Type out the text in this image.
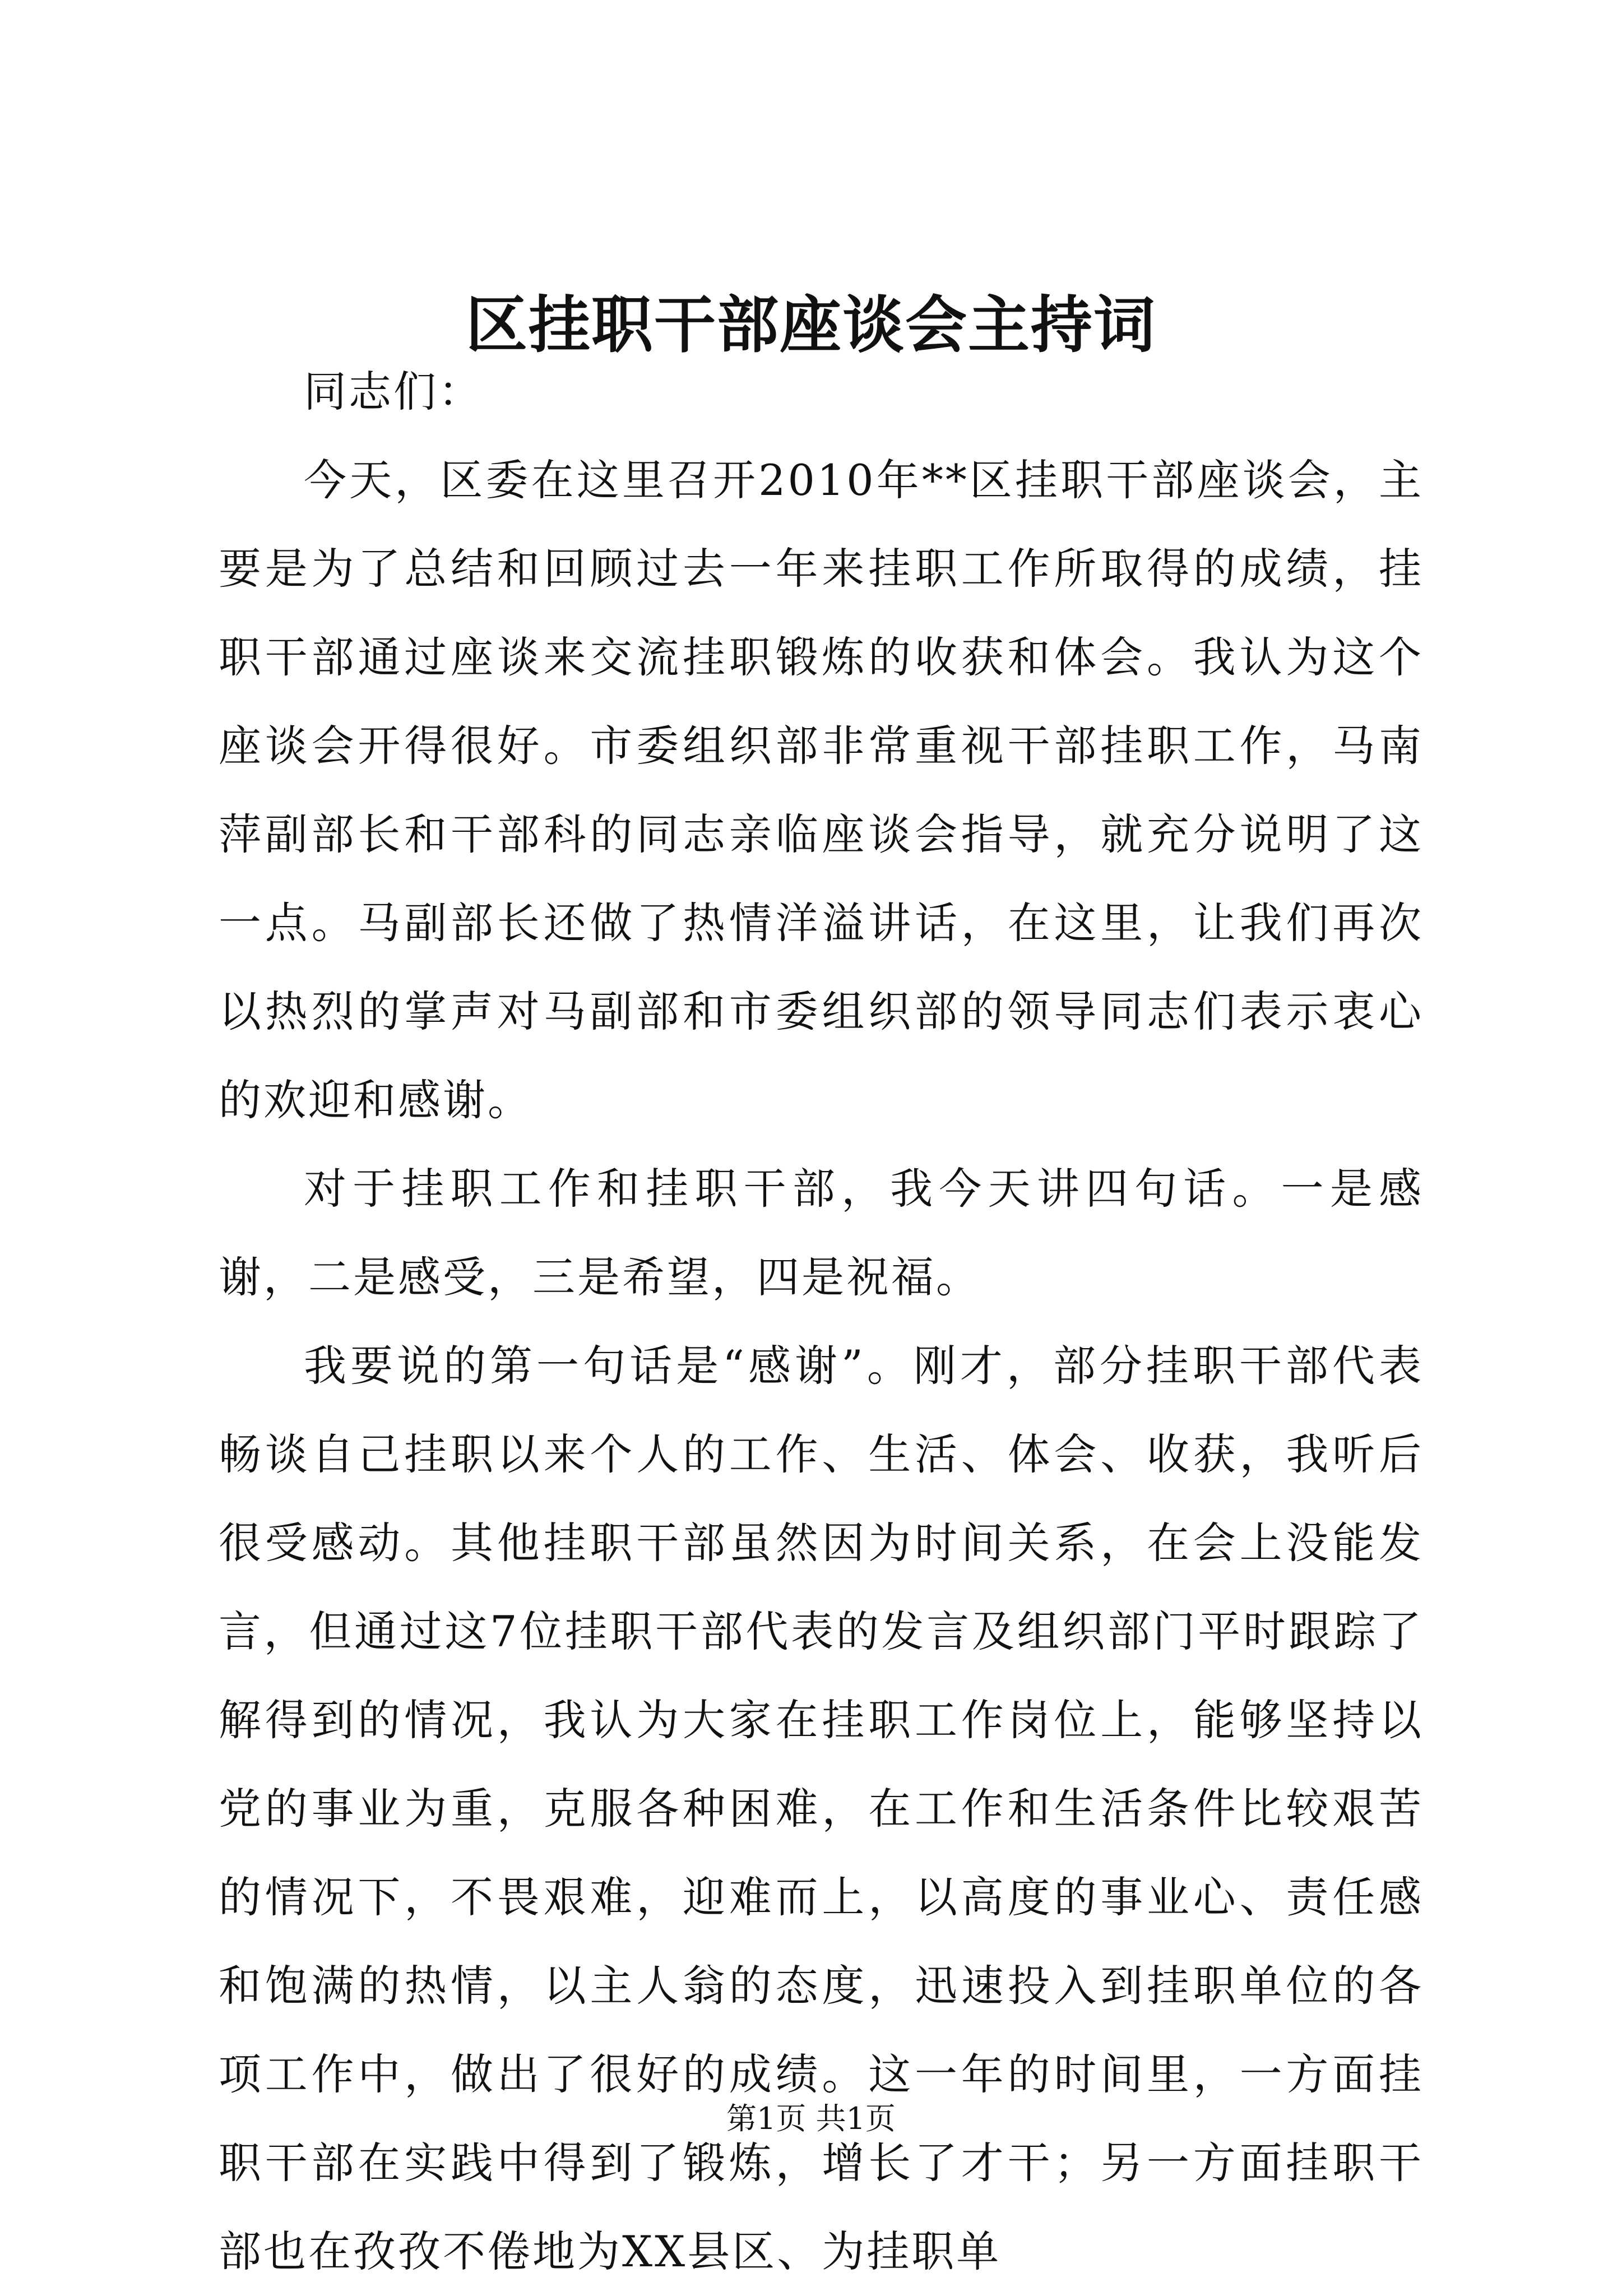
区挂职干部座谈会主持词

同志们：

今天，区委在这里召开2010年**区挂职干部座谈会，主要是为了总结和回顾过去一年来挂职工作所取得的成绩，挂职干部通过座谈来交流挂职锻炼的收获和体会。我认为这个座谈会开得很好。市委组织部非常重视干部挂职工作，马南萍副部长和干部科的同志亲临座谈会指导，就充分说明了这一点。马副部长还做了热情洋溢讲话，在这里，让我们再次以热烈的掌声对马副部和市委组织部的领导同志们表示衷心的欢迎和感谢。

对于挂职工作和挂职干部，我今天讲四句话。一是感谢，二是感受，三是希望，四是祝福。

我要说的第一句话是“感谢”。刚才，部分挂职干部代表畅谈自己挂职以来个人的工作、生活、体会、收获，我听后很受感动。其他挂职干部虽然因为时间关系，在会上没能发言，但通过这7位挂职干部代表的发言及组织部门平时跟踪了解得到的情况，我认为大家在挂职工作岗位上，能够坚持以党的事业为重，克服各种困难，在工作和生活条件比较艰苦的情况下，不畏艰难，迎难而上，以高度的事业心、责任感和饱满的热情，以主人翁的态度，迅速投入到挂职单位的各项工作中，做出了很好的成绩。这一年的时间里，一方面挂职干部在实践中得到了锻炼，增长了才干；另一方面挂职干部也在孜孜不倦地为XX县区、为挂职单

第1页 共1页
